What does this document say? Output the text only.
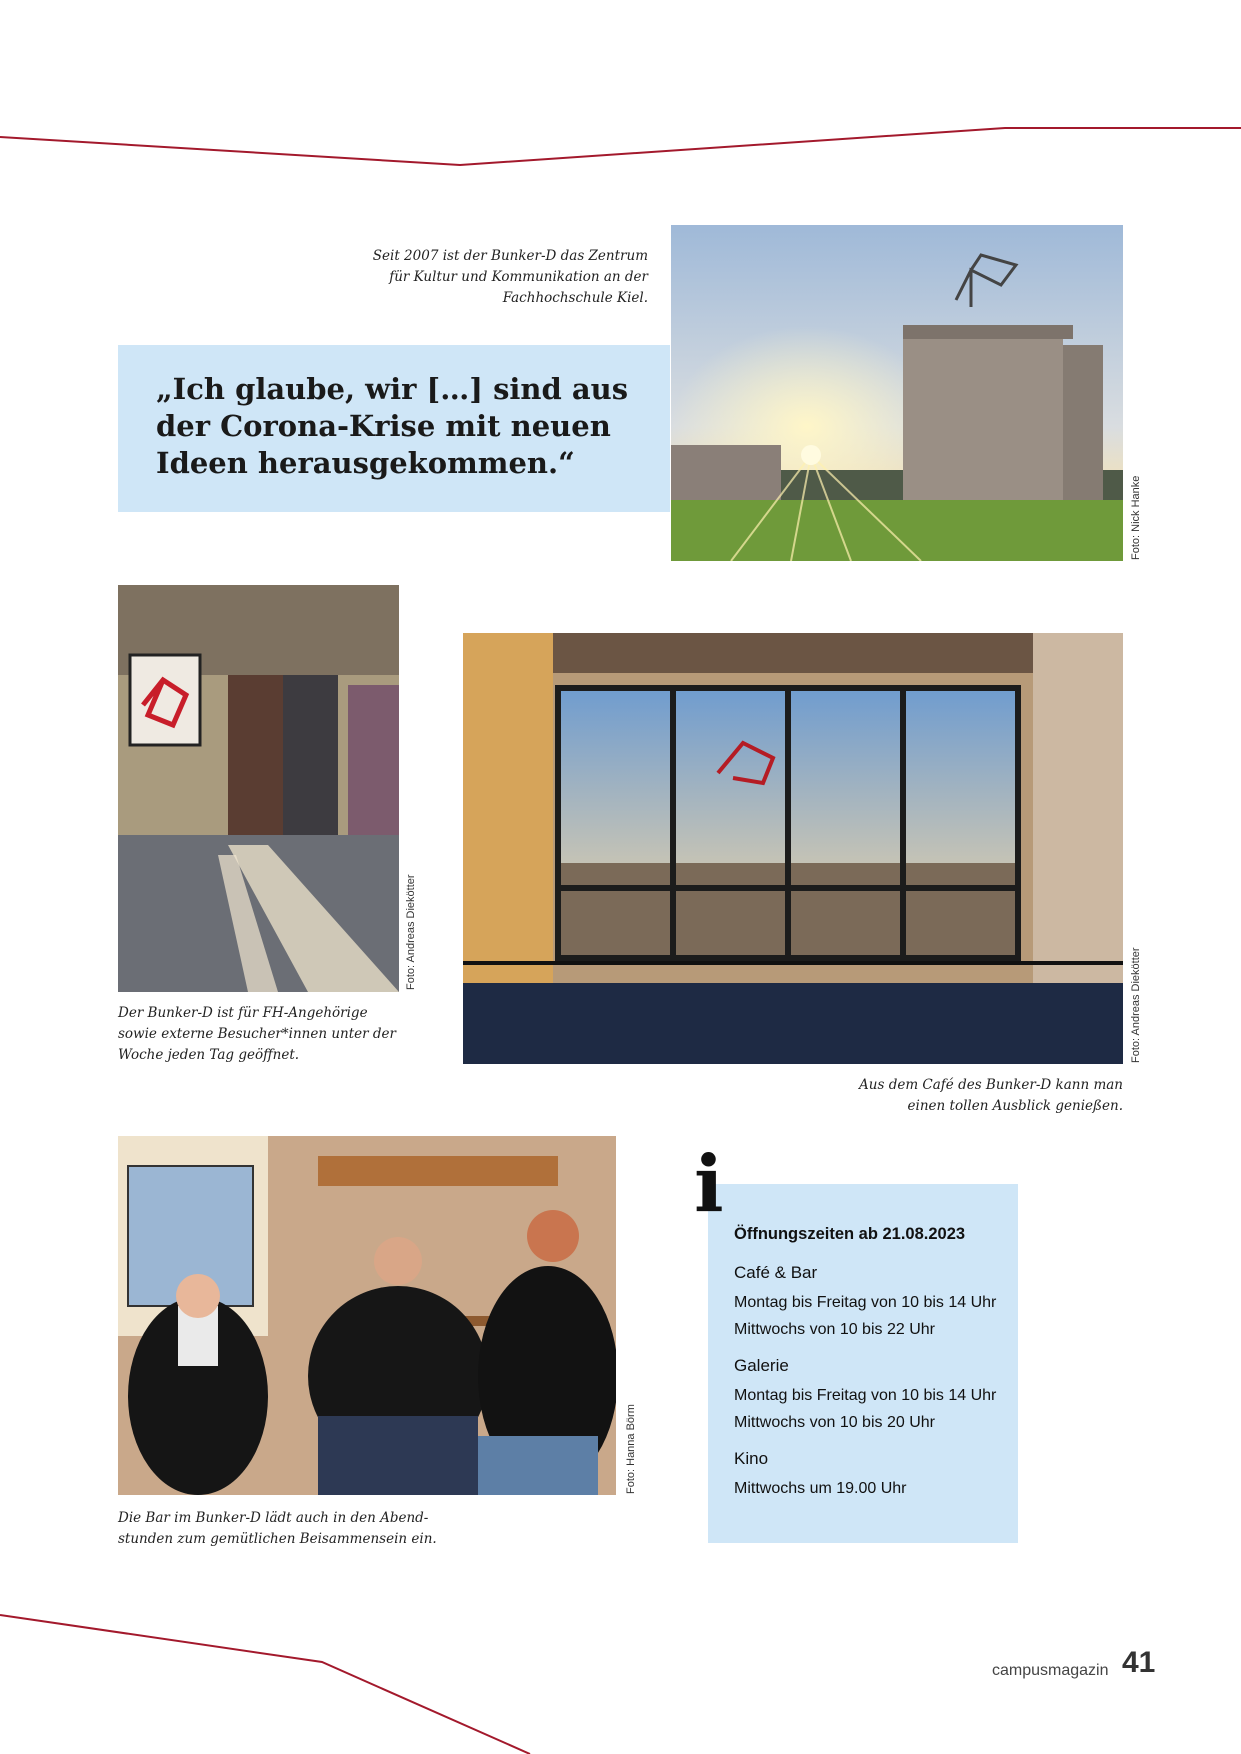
Seit 2007 ist der Bunker-D das Zentrum
für Kultur und Kommunikation an der
Fachhochschule Kiel.
„Ich glaube, wir […] sind aus
der Corona-Krise mit neuen
Ideen herausgekommen.“
Foto: Nick Hanke
Foto: Andreas Diekötter
Der Bunker-D ist für FH-Angehörige
sowie externe Besucher*innen unter der
Woche jeden Tag geöffnet.	Foto: Andreas Diekötter
Aus dem Café des Bunker-D kann man
einen tollen Ausblick genießen.
Foto: Hanna Börm
Die Bar im Bunker-D lädt auch in den Abend-
stunden zum gemütlichen Beisammensein ein.
i
Öffnungszeiten ab 21.08.2023
Café & Bar
Montag bis Freitag von 10 bis 14 Uhr
Mittwochs von 10 bis 22 Uhr
Galerie
Montag bis Freitag von 10 bis 14 Uhr
Mittwochs von 10 bis 20 Uhr
Kino
Mittwochs um 19.00 Uhr
campusmagazin 41
